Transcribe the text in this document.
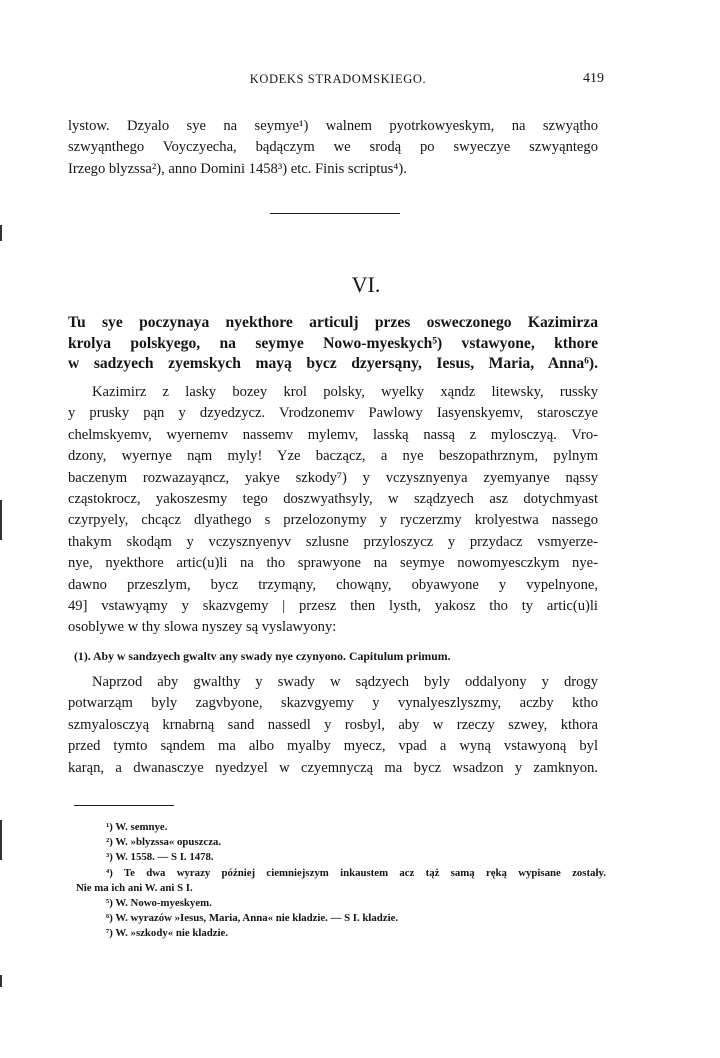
KODEKS STRADOMSKIEGO.	419
lystow. Dzyalo sye na seymye¹) walnem pyotrkowyeskym, na szwyątho
szwyąnthego Voyczyecha, bądączym we srodą po swyeczye szwyąntego
Irzego blyzssa²), anno Domini 1458³) etc. Finis scriptus⁴).
VI.
Tu sye poczynaya nyekthore articulj przes osweczonego Kazimirza
krolya polskyego, na seymye Nowo-myeskych⁵) vstawyone, kthore
w sadzyech zyemskych mayą bycz dzyersąny, Iesus, Maria, Anna⁶).
Kazimirz z lasky bozey krol polsky, wyelky xąndz litewsky, russky
y prusky pąn y dzyedzycz. Vrodzonemv Pawlowy Iasyenskyemv, starosczye
chelmskyemv, wyernemv nassemv mylemv, lasską nassą z mylosczyą. Vro-
dzony, wyernye nąm myly! Yze baczącz, a nye beszopathrznym, pylnym
baczenym rozwazayąncz, yakye szkody⁷) y vczysznyenya zyemyanye nąssy
cząstokrocz, yakoszesmy tego doszwyathsyly, w sządzyech asz dotychmyast
czyrpyely, chcącz dlyathego s przelozonymy y ryczerzmy krolyestwa nassego
thakym skodąm y vczysznyenyv szlusne przyloszycz y przydacz vsmyerze-
nye, nyekthore artic(u)li na tho sprawyone na seymye nowomyesczkym nye-
dawno przeszlym, bycz trzymąny, chowąny, obyawyone y vypelnyone,
49] vstawyąmy y skazvgemy | przesz then lysth, yakosz tho ty artic(u)li
osoblywe w thy slowa nyszey są vyslawyony:
(1). Aby w sandzyech gwaltv any swady nye czynyono. Capitulum primum.
Naprzod aby gwalthy y swady w sądzyech byly oddalyony y drogy
potwarząm byly zagvbyone, skazvgyemy y vynalyeszlyszmy, aczby ktho
szmyalosczyą krnabrną sand nassedl y rosbyl, aby w rzeczy szwey, kthora
przed tymto sąndem ma albo myalby myecz, vpad a wyną vstawyoną byl
karąn, a dwanasczye nyedzyel w czyemnyczą ma bycz wsadzon y zamknyon.
¹) W. semnye.
²) W. »blyzssa« opuszcza.
³) W. 1558. — S I. 1478.
⁴) Te dwa wyrazy później ciemniejszym inkaustem acz tąż samą ręką wypisane zostały.
Nie ma ich ani W. ani S I.
⁵) W. Nowo-myeskyem.
⁶) W. wyrazów »Iesus, Maria, Anna« nie kladzie. — S I. kladzie.
⁷) W. »szkody« nie kladzie.
